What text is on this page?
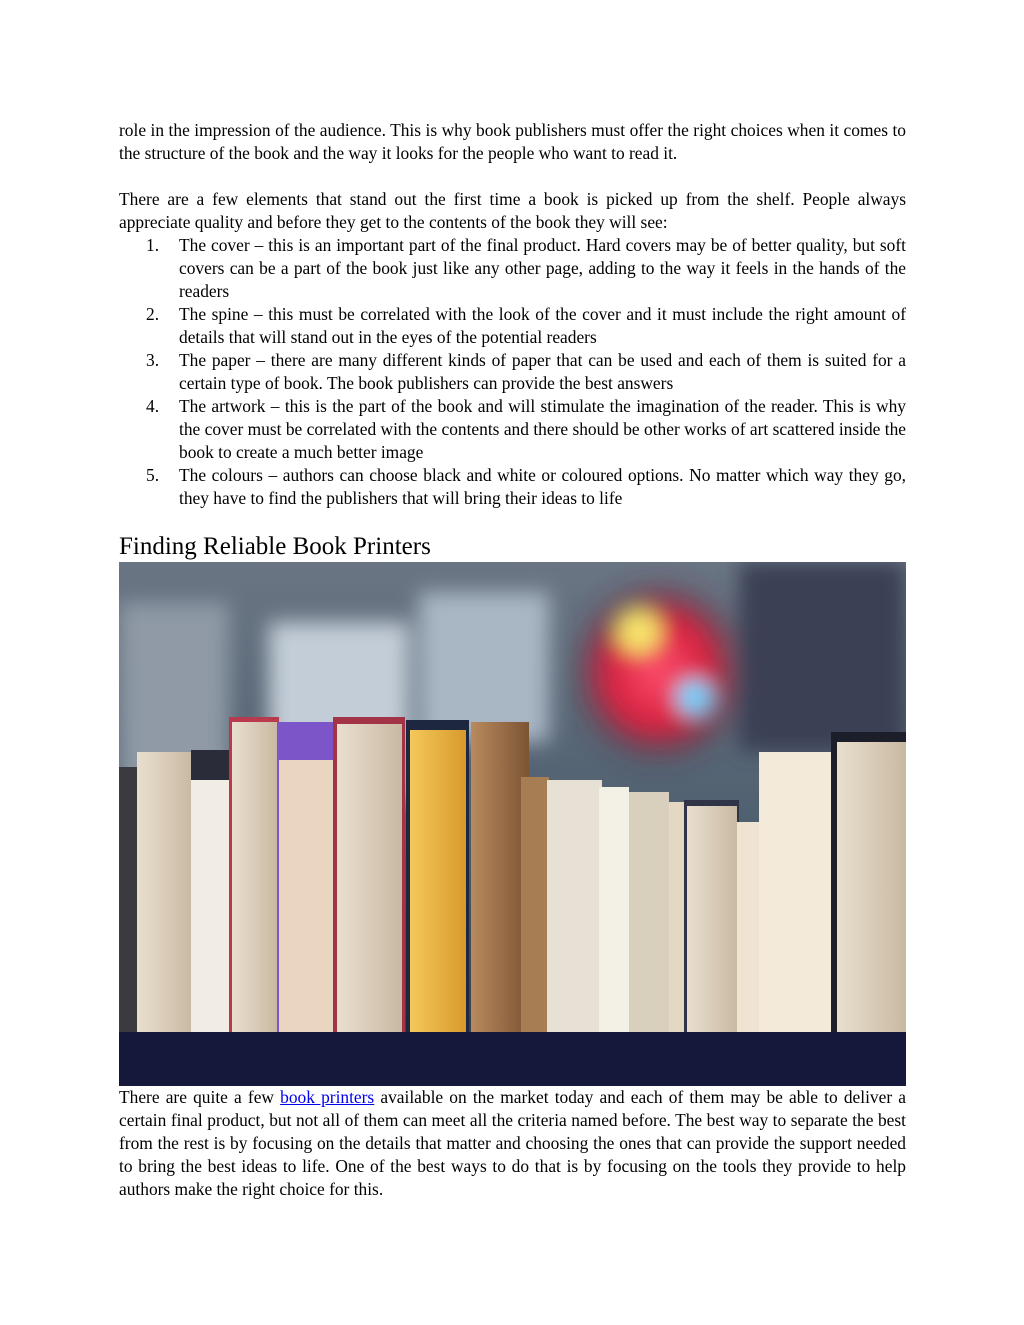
role in the impression of the audience. This is why book publishers must offer the right choices when it comes to the structure of the book and the way it looks for the people who want to read it.

There are a few elements that stand out the first time a book is picked up from the shelf. People always appreciate quality and before they get to the contents of the book they will see:

1.	The cover – this is an important part of the final product. Hard covers may be of better quality, but soft covers can be a part of the book just like any other page, adding to the way it feels in the hands of the readers
2.	The spine – this must be correlated with the look of the cover and it must include the right amount of details that will stand out in the eyes of the potential readers
3.	The paper – there are many different kinds of paper that can be used and each of them is suited for a certain type of book. The book publishers can provide the best answers
4.	The artwork – this is the part of the book and will stimulate the imagination of the reader. This is why the cover must be correlated with the contents and there should be other works of art scattered inside the book to create a much better image
5.	The colours – authors can choose black and white or coloured options. No matter which way they go, they have to find the publishers that will bring their ideas to life
Finding Reliable Book Printers

There are quite a few book printers available on the market today and each of them may be able to deliver a certain final product, but not all of them can meet all the criteria named before. The best way to separate the best from the rest is by focusing on the details that matter and choosing the ones that can provide the support needed to bring the best ideas to life. One of the best ways to do that is by focusing on the tools they provide to help authors make the right choice for this.
